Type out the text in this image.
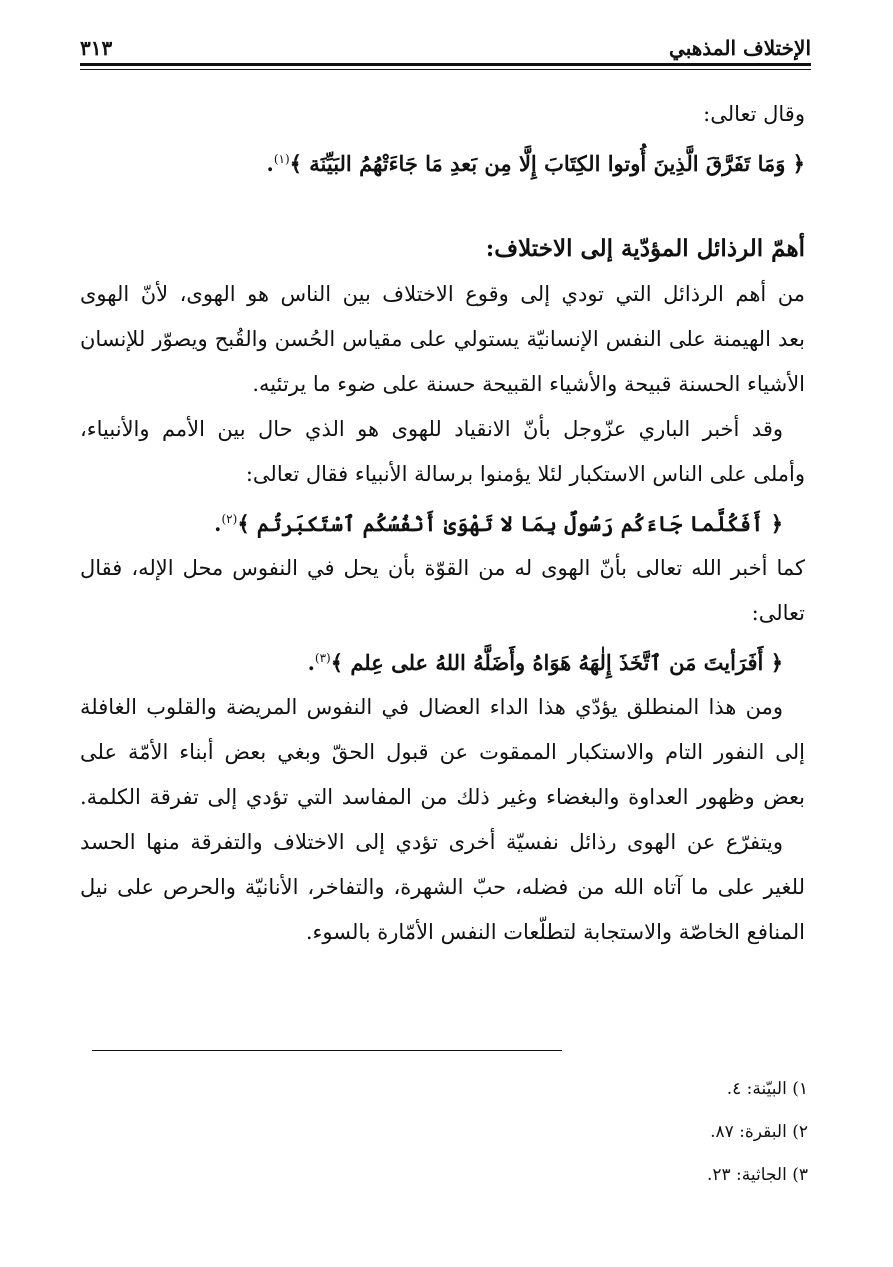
الإختلاف المذهبي
٣١٣
وقال تعالى:
﴿ وَمَا تَفَرَّقَ الَّذِينَ أُوتوا الكِتَابَ إِلَّا مِن بَعدِ مَا جَاءَتْهُمُ البَيِّنَة ﴾$^{(١)}$.
أهمّ الرذائل المؤدّية إلى الاختلاف:
من أهم الرذائل التي تودي إلى وقوع الاختلاف بين الناس هو الهوى، لأنّ الهوى
بعد الهيمنة على النفس الإنسانيّة يستولي على مقياس الحُسن والقُبح ويصوّر للإنسان
الأشياء الحسنة قبيحة والأشياء القبيحة حسنة على ضوء ما يرتئيه.
وقد أخبر الباري عزّوجل بأنّ الانقياد للهوى هو الذي حال بين الأمم والأنبياء،
وأملى على الناس الاستكبار لئلا يؤمنوا برسالة الأنبياء فقال تعالى:
﴿ أَفَكُلَّما جَاءَكُم رَسُولٌ بِمَا لا تَهْوَىٰ أَنْفُسُكُم ٱسْتَكبَرتُم ﴾$^{(٢)}$.
كما أخبر الله تعالى بأنّ الهوى له من القوّة بأن يحل في النفوس محل الإله، فقال
تعالى:
﴿ أَفَرَأيتَ مَن ٱتَّخَذَ إِلٰهَهُ هَوَاهُ وأَضَلَّهُ اللهُ على عِلم ﴾$^{(٣)}$.
ومن هذا المنطلق يؤدّي هذا الداء العضال في النفوس المريضة والقلوب الغافلة
إلى النفور التام والاستكبار الممقوت عن قبول الحقّ وبغي بعض أبناء الأمّة على
بعض وظهور العداوة والبغضاء وغير ذلك من المفاسد التي تؤدي إلى تفرقة الكلمة.
ويتفرّع عن الهوى رذائل نفسيّة أخرى تؤدي إلى الاختلاف والتفرقة منها الحسد
للغير على ما آتاه الله من فضله، حبّ الشهرة، والتفاخر، الأنانيّة والحرص على نيل
المنافع الخاصّة والاستجابة لتطلّعات النفس الأمّارة بالسوء.
١) البيّنة: ٤.
٢) البقرة: ٨٧.
٣) الجاثية: ٢٣.
